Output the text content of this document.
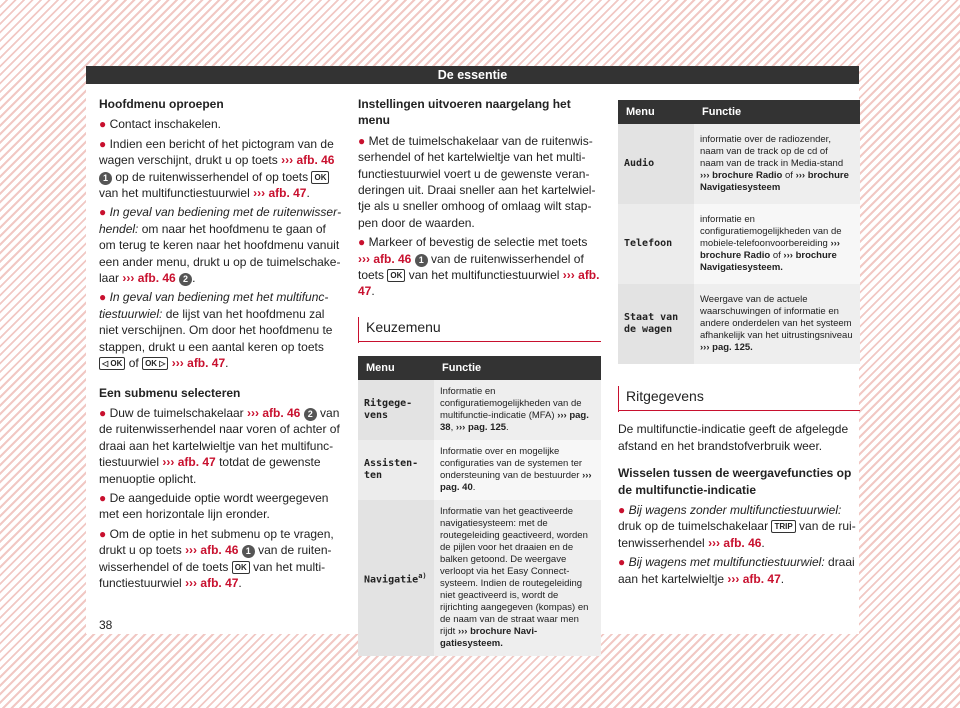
De essentie
Hoofdmenu oproepen

● Contact inschakelen.

● Indien een bericht of het pictogram van de wagen verschijnt, drukt u op toets ››› afb. 46 1 op de ruitenwisserhendel of op toets OK van het multifunctiestuurwiel ››› afb. 47.

● In geval van bediening met de ruitenwisserhendel: om naar het hoofdmenu te gaan of om terug te keren naar het hoofdmenu vanuit een ander menu, drukt u op de tuimelschakelaar ››› afb. 46 2 .

● In geval van bediening met het multifunctiestuurwiel: de lijst van het hoofdmenu zal niet verschijnen. Om door het hoofdmenu te stappen, drukt u een aantal keren op toets ◁ OK of OK ▷ ››› afb. 47.

Een submenu selecteren

● Duw de tuimelschakelaar ››› afb. 46 2 van de ruitenwisserhendel naar voren of achter of draai aan het kartelwieltje van het multifunctiestuurwiel ››› afb. 47 totdat de gewenste menuoptie oplicht.

● De aangeduide optie wordt weergegeven met een horizontale lijn eronder.

● Om de optie in het submenu op te vragen, drukt u op toets ››› afb. 46 1 van de ruitenwisserhendel of de toets OK van het multifunctiestuurwiel ››› afb. 47.

Instellingen uitvoeren naargelang het menu

● Met de tuimelschakelaar van de ruitenwisserhendel of het kartelwieltje van het multifunctiestuurwiel voert u de gewenste veranderingen uit. Draai sneller aan het kartelwieltje als u sneller omhoog of omlaag wilt stappen door de waarden.

● Markeer of bevestig de selectie met toets ››› afb. 46 1 van de ruitenwisserhendel of toets OK van het multifunctiestuurwiel ››› afb. 47.

Keuzemenu
Menu	Functie
Ritgegevens	Informatie en configuratiemogelijkheden van de multifunctie-indicatie (MFA) ››› pag. 38, ››› pag. 125.
Assistenten	Informatie over en mogelijke configuraties van de systemen ter ondersteuning van de bestuurder ››› pag. 40.
Navigatie$^{a)}$	Informatie van het geactiveerde navigatiesysteem: met de routegeleiding geactiveerd, worden de pijlen voor het draaien en de balken getoond. De weergave verloopt via het Easy Connect-systeem. Indien de routegeleiding niet geactiveerd is, wordt de rijrichting aangegeven (kompas) en de naam van de straat waar men rijdt ››› brochure Navigatiesysteem.
Menu	Functie
Audio	informatie over de radiozender, naam van de track op de cd of naam van de track in Media-stand ››› brochure Radio of ››› brochure Navigatiesysteem
Telefoon	informatie en configuratiemogelijkheden van de mobiele-telefoonvoorbereiding ››› brochure Radio of ››› brochure Navigatiesysteem.
Staat van de wagen	Weergave van de actuele waarschuwingen of informatie en andere onderdelen van het systeem afhankelijk van het uitrustingsniveau ››› pag. 125.
Ritgegevens

De multifunctie-indicatie geeft de afgelegde afstand en het brandstofverbruik weer.

Wisselen tussen de weergavefuncties op de multifunctie-indicatie

● Bij wagens zonder multifunctiestuurwiel: druk op de tuimelschakelaar TRIP van de ruitenwisserhendel ››› afb. 46.

● Bij wagens met multifunctiestuurwiel: draai aan het kartelwieltje ››› afb. 47.

38
